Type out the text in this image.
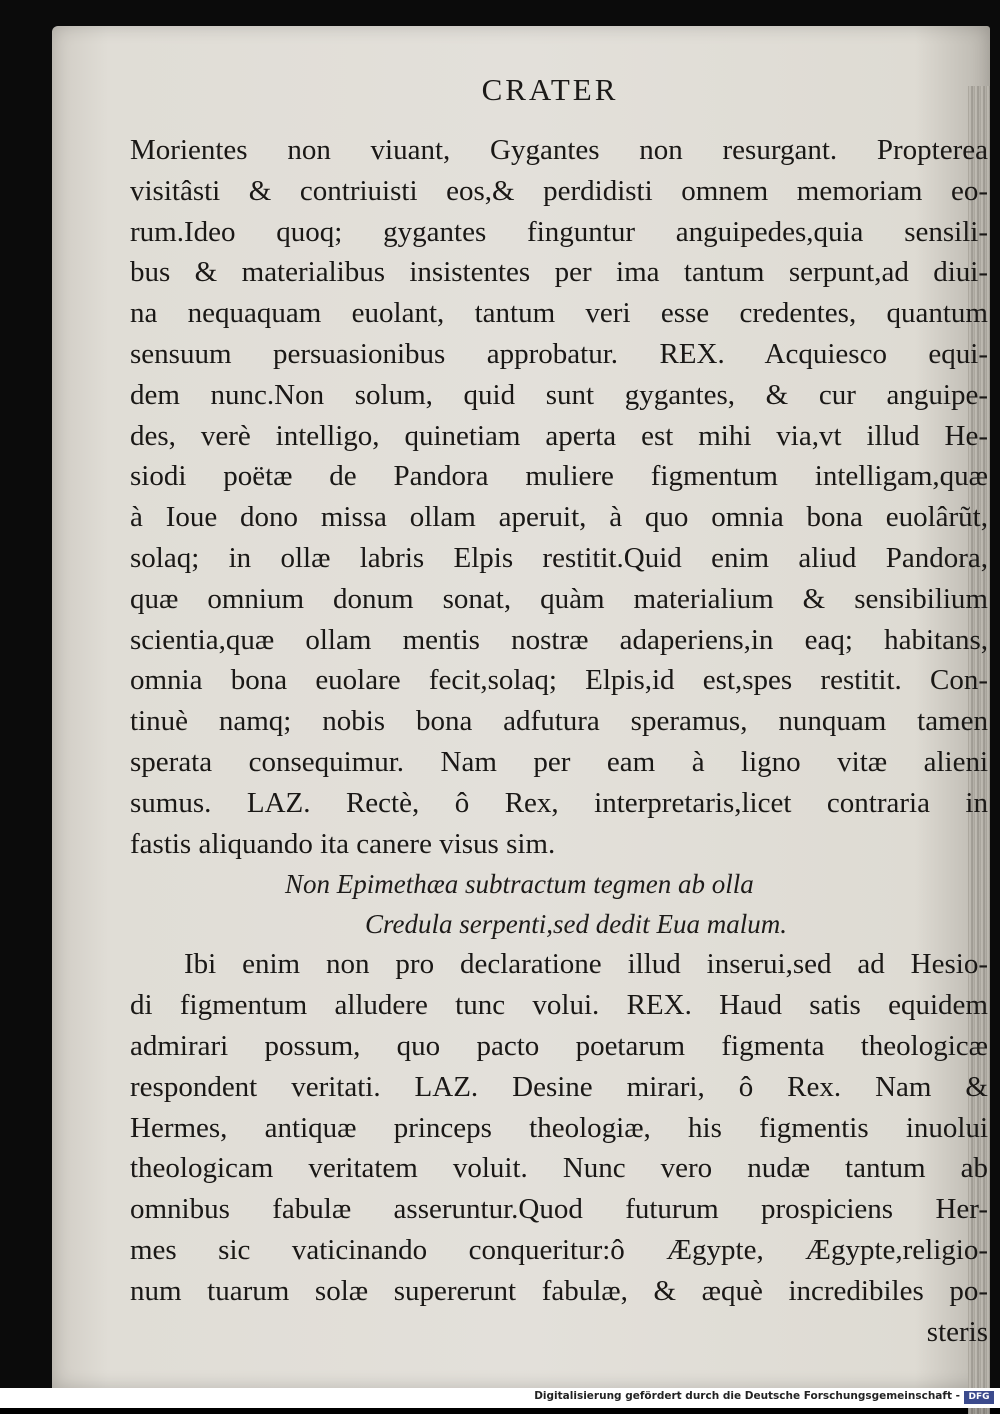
CRATER
Morientes non viuant, Gygantes non resurgant. Propterea
visitâsti & contriuisti eos,& perdidisti omnem memoriam eo-
rum.Ideo quoq; gygantes finguntur anguipedes,quia sensili-
bus & materialibus insistentes per ima tantum serpunt,ad diui-
na nequaquam euolant, tantum veri esse credentes, quantum
sensuum persuasionibus approbatur. REX. Acquiesco equi-
dem nunc.Non solum, quid sunt gygantes, & cur anguipe-
des, verè intelligo, quinetiam aperta est mihi via,vt illud He-
siodi poëtæ de Pandora muliere figmentum intelligam,quæ
à Ioue dono missa ollam aperuit, à quo omnia bona euolârũt,
solaq; in ollæ labris Elpis restitit.Quid enim aliud Pandora,
quæ omnium donum sonat, quàm materialium & sensibilium
scientia,quæ ollam mentis nostræ adaperiens,in eaq; habitans,
omnia bona euolare fecit,solaq; Elpis,id est,spes restitit. Con-
tinuè namq; nobis bona adfutura speramus, nunquam tamen
sperata consequimur. Nam per eam à ligno vitæ alieni
sumus. LAZ. Rectè, ô Rex, interpretaris,licet contraria in
fastis aliquando ita canere visus sim.
Non Epimethæa subtractum tegmen ab olla
Credula serpenti,sed dedit Eua malum.
Ibi enim non pro declaratione illud inserui,sed ad Hesio-
di figmentum alludere tunc volui. REX. Haud satis equidem
admirari possum, quo pacto poetarum figmenta theologicæ
respondent veritati. LAZ. Desine mirari, ô Rex. Nam &
Hermes, antiquæ princeps theologiæ, his figmentis inuolui
theologicam veritatem voluit. Nunc vero nudæ tantum ab
omnibus fabulæ asseruntur.Quod futurum prospiciens Her-
mes sic vaticinando conqueritur:ô Ægypte, Ægypte,religio-
num tuarum solæ supererunt fabulæ, & æquè incredibiles po-
steris
Digitalisierung gefördert durch die Deutsche Forschungsgemeinschaft - DFG
